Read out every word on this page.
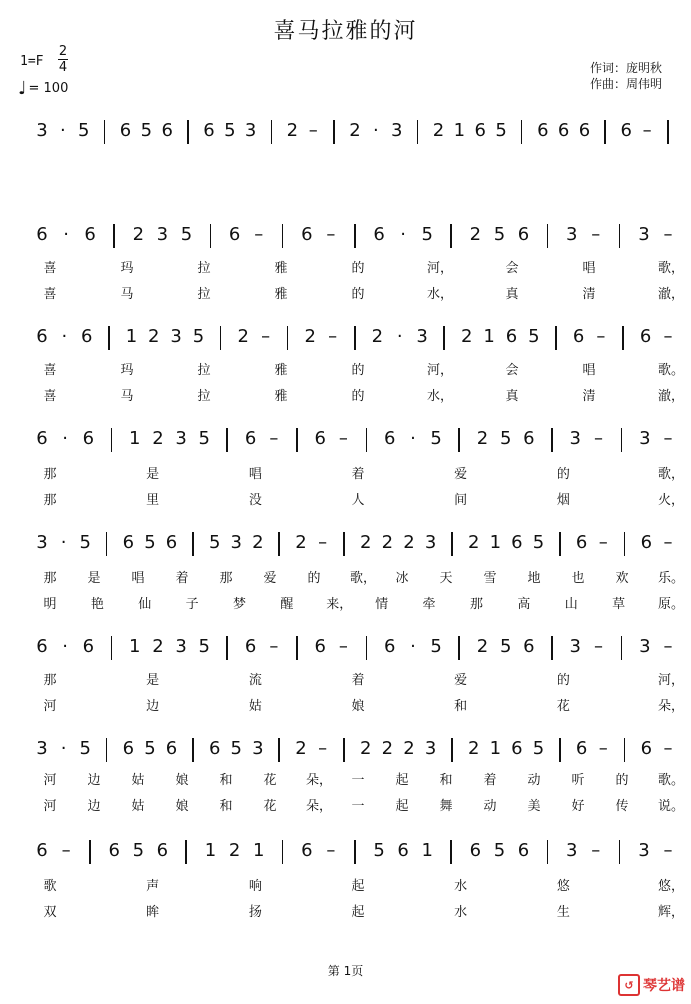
喜马拉雅的河
1=F
2
4
♩ = 100
作词：庞明秋
作曲：周伟明
3 · 5 6 5 6 6 5 3 2 – 2 · 3 2 1 6 5 6 6 6 6 –
6 · 6 2 3 5 6 – 6 – 6 · 5 2 5 6 3 – 3 –
喜	玛	拉	雅	的	河，	会	唱	歌，
喜	马	拉	雅	的	水，	真	清	澈，
6 · 6 1 2 3 5 2 – 2 – 2 · 3 2 1 6 5 6 – 6 –
喜	玛	拉	雅	的	河，	会	唱	歌。
喜	马	拉	雅	的	水，	真	清	澈，
6 · 6 1 2 3 5 6 – 6 – 6 · 5 2 5 6 3 – 3 –
那	是	唱	着	爱	的	歌，
那	里	没	人	间	烟	火，
3 · 5 6 5 6 5 3 2 2 – 2 2 2 3 2 1 6 5 6 – 6 –
那 是 唱 着 那 爱 的 歌， 冰 天 雪 地 也 欢 乐。
明	艳	仙	子	梦	醒	来， 情	牵	那	高	山	草	原。
6 · 6 1 2 3 5 6 – 6 – 6 · 5 2 5 6 3 – 3 –
那	是	流	着	爱	的	河，
河	边	姑	娘	和	花	朵，
3 · 5 6 5 6 6 5 3 2 – 2 2 2 3 2 1 6 5 6 – 6 –
河 边 姑 娘 和 花 朵， 一 起 和 着 动 听 的 歌。
河 边 姑 娘 和 花 朵， 一 起 舞 动 美 好 传 说。
6 – 6 5 6 1 2 1 6 – 5 6 1 6 5 6 3 – 3 –
歌	声	响	起	水	悠	悠，
双	眸	扬	起	水	生	辉，
第 1页
↺ 琴艺谱
